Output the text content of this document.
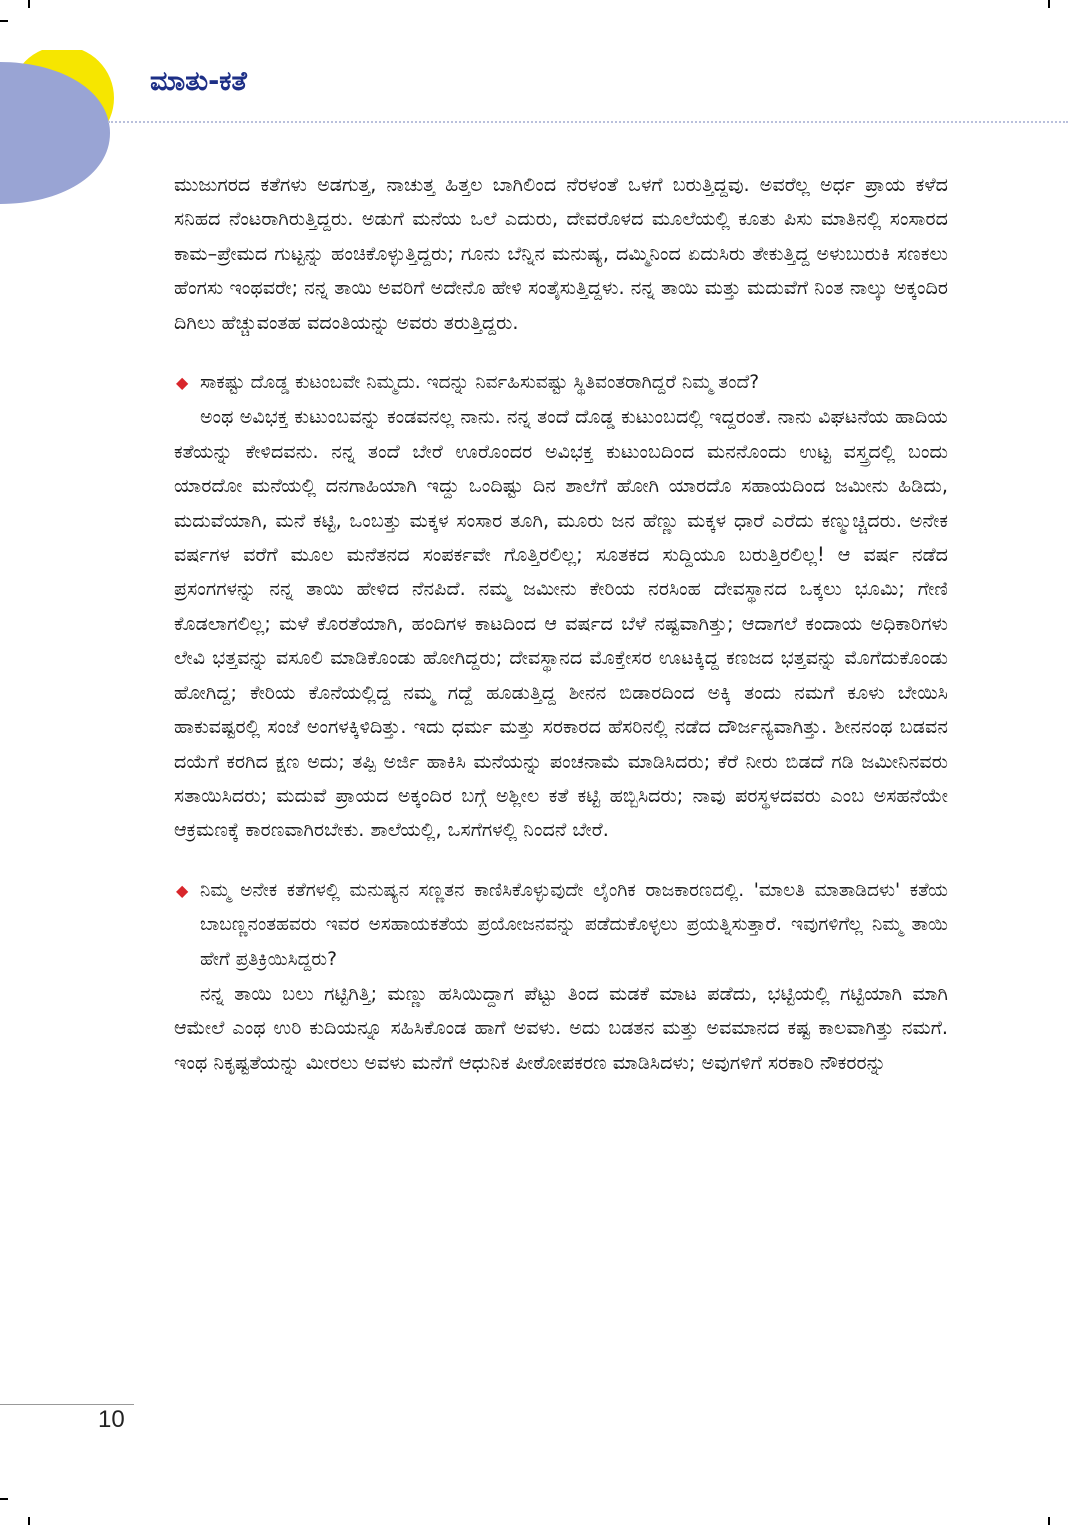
ಮಾತು-ಕತೆ

ಮುಜುಗರದ ಕತೆಗಳು ಅಡಗುತ್ತ, ನಾಚುತ್ತ ಹಿತ್ತಲ ಬಾಗಿಲಿಂದ ನೆರಳಂತೆ ಒಳಗೆ ಬರುತ್ತಿದ್ದವು. ಅವರೆಲ್ಲ ಅರ್ಧ ಪ್ರಾಯ ಕಳೆದ ಸನಿಹದ ನೆಂಟರಾಗಿರುತ್ತಿದ್ದರು. ಅಡುಗೆ ಮನೆಯ ಒಲೆ ಎದುರು, ದೇವರೊಳದ ಮೂಲೆಯಲ್ಲಿ ಕೂತು ಪಿಸು ಮಾತಿನಲ್ಲಿ ಸಂಸಾರದ ಕಾಮ–ಪ್ರೇಮದ ಗುಟ್ಟನ್ನು ಹಂಚಿಕೊಳ್ಳುತ್ತಿದ್ದರು; ಗೂನು ಬೆನ್ನಿನ ಮನುಷ್ಯ, ದಮ್ಮಿನಿಂದ ಏದುಸಿರು ತೇಕುತ್ತಿದ್ದ ಅಳುಬುರುಕಿ ಸಣಕಲು ಹೆಂಗಸು ಇಂಥವರೇ; ನನ್ನ ತಾಯಿ ಅವರಿಗೆ ಅದೇನೊ ಹೇಳಿ ಸಂತೈಸುತ್ತಿದ್ದಳು. ನನ್ನ ತಾಯಿ ಮತ್ತು ಮದುವೆಗೆ ನಿಂತ ನಾಲ್ಕು ಅಕ್ಕಂದಿರ ದಿಗಿಲು ಹೆಚ್ಚುವಂತಹ ವದಂತಿಯನ್ನು ಅವರು ತರುತ್ತಿದ್ದರು.

◆ ಸಾಕಷ್ಟು ದೊಡ್ಡ ಕುಟಂಬವೇ ನಿಮ್ಮದು. ಇದನ್ನು ನಿರ್ವಹಿಸುವಷ್ಟು ಸ್ಥಿತಿವಂತರಾಗಿದ್ದರೆ ನಿಮ್ಮ ತಂದೆ?

ಅಂಥ ಅವಿಭಕ್ತ ಕುಟುಂಬವನ್ನು ಕಂಡವನಲ್ಲ ನಾನು. ನನ್ನ ತಂದೆ ದೊಡ್ಡ ಕುಟುಂಬದಲ್ಲಿ ಇದ್ದರಂತೆ. ನಾನು ವಿಘಟನೆಯ ಹಾದಿಯ ಕತೆಯನ್ನು ಕೇಳಿದವನು. ನನ್ನ ತಂದೆ ಬೇರೆ ಊರೊಂದರ ಅವಿಭಕ್ತ ಕುಟುಂಬದಿಂದ ಮನನೊಂದು ಉಟ್ಟ ವಸ್ತ್ರದಲ್ಲಿ ಬಂದು ಯಾರದೋ ಮನೆಯಲ್ಲಿ ದನಗಾಹಿಯಾಗಿ ಇದ್ದು ಒಂದಿಷ್ಟು ದಿನ ಶಾಲೆಗೆ ಹೋಗಿ ಯಾರದೊ ಸಹಾಯದಿಂದ ಜಮೀನು ಹಿಡಿದು, ಮದುವೆಯಾಗಿ, ಮನೆ ಕಟ್ಟಿ, ಒಂಬತ್ತು ಮಕ್ಕಳ ಸಂಸಾರ ತೂಗಿ, ಮೂರು ಜನ ಹೆಣ್ಣು ಮಕ್ಕಳ ಧಾರೆ ಎರೆದು ಕಣ್ಮುಚ್ಚಿದರು. ಅನೇಕ ವರ್ಷಗಳ ವರೆಗೆ ಮೂಲ ಮನೆತನದ ಸಂಪರ್ಕವೇ ಗೊತ್ತಿರಲಿಲ್ಲ; ಸೂತಕದ ಸುದ್ದಿಯೂ ಬರುತ್ತಿರಲಿಲ್ಲ! ಆ ವರ್ಷ ನಡೆದ ಪ್ರಸಂಗಗಳನ್ನು ನನ್ನ ತಾಯಿ ಹೇಳಿದ ನೆನಪಿದೆ. ನಮ್ಮ ಜಮೀನು ಕೇರಿಯ ನರಸಿಂಹ ದೇವಸ್ಥಾನದ ಒಕ್ಕಲು ಭೂಮಿ; ಗೇಣಿ ಕೊಡಲಾಗಲಿಲ್ಲ; ಮಳೆ ಕೊರತೆಯಾಗಿ, ಹಂದಿಗಳ ಕಾಟದಿಂದ ಆ ವರ್ಷದ ಬೆಳೆ ನಷ್ಟವಾಗಿತ್ತು; ಆದಾಗಲೆ ಕಂದಾಯ ಅಧಿಕಾರಿಗಳು ಲೇವಿ ಭತ್ತವನ್ನು ವಸೂಲಿ ಮಾಡಿಕೊಂಡು ಹೋಗಿದ್ದರು; ದೇವಸ್ಥಾನದ ಮೊಕ್ತೇಸರ ಊಟಕ್ಕಿದ್ದ ಕಣಜದ ಭತ್ತವನ್ನು ಮೊಗೆದುಕೊಂಡು ಹೋಗಿದ್ದ; ಕೇರಿಯ ಕೊನೆಯಲ್ಲಿದ್ದ ನಮ್ಮ ಗದ್ದೆ ಹೂಡುತ್ತಿದ್ದ ಶೀನನ ಬಿಡಾರದಿಂದ ಅಕ್ಕಿ ತಂದು ನಮಗೆ ಕೂಳು ಬೇಯಿಸಿ ಹಾಕುವಷ್ಟರಲ್ಲಿ ಸಂಜೆ ಅಂಗಳಕ್ಕಿಳಿದಿತ್ತು. ಇದು ಧರ್ಮ ಮತ್ತು ಸರಕಾರದ ಹೆಸರಿನಲ್ಲಿ ನಡೆದ ದೌರ್ಜನ್ಯವಾಗಿತ್ತು. ಶೀನನಂಥ ಬಡವನ ದಯೆಗೆ ಕರಗಿದ ಕ್ಷಣ ಅದು; ತಪ್ಪಿ ಅರ್ಜಿ ಹಾಕಿಸಿ ಮನೆಯನ್ನು ಪಂಚನಾಮೆ ಮಾಡಿಸಿದರು; ಕೆರೆ ನೀರು ಬಿಡದೆ ಗಡಿ ಜಮೀನಿನವರು ಸತಾಯಿಸಿದರು; ಮದುವೆ ಪ್ರಾಯದ ಅಕ್ಕಂದಿರ ಬಗ್ಗೆ ಅಶ್ಲೀಲ ಕತೆ ಕಟ್ಟಿ ಹಬ್ಬಿಸಿದರು; ನಾವು ಪರಸ್ಥಳದವರು ಎಂಬ ಅಸಹನೆಯೇ ಆಕ್ರಮಣಕ್ಕೆ ಕಾರಣವಾಗಿರಬೇಕು. ಶಾಲೆಯಲ್ಲಿ, ಒಸಗೆಗಳಲ್ಲಿ ನಿಂದನೆ ಬೇರೆ.

◆ ನಿಮ್ಮ ಅನೇಕ ಕತೆಗಳಲ್ಲಿ ಮನುಷ್ಯನ ಸಣ್ಣತನ ಕಾಣಿಸಿಕೊಳ್ಳುವುದೇ ಲೈಂಗಿಕ ರಾಜಕಾರಣದಲ್ಲಿ. 'ಮಾಲತಿ ಮಾತಾಡಿದಳು' ಕತೆಯ ಬಾಬಣ್ಣನಂತಹವರು ಇವರ ಅಸಹಾಯಕತೆಯ ಪ್ರಯೋಜನವನ್ನು ಪಡೆದುಕೊಳ್ಳಲು ಪ್ರಯತ್ನಿಸುತ್ತಾರೆ. ಇವುಗಳಿಗೆಲ್ಲ ನಿಮ್ಮ ತಾಯಿ ಹೇಗೆ ಪ್ರತಿಕ್ರಿಯಿಸಿದ್ದರು?

ನನ್ನ ತಾಯಿ ಬಲು ಗಟ್ಟಿಗಿತ್ತಿ; ಮಣ್ಣು ಹಸಿಯಿದ್ದಾಗ ಪೆಟ್ಟು ತಿಂದ ಮಡಕೆ ಮಾಟ ಪಡೆದು, ಭಟ್ಟಿಯಲ್ಲಿ ಗಟ್ಟಿಯಾಗಿ ಮಾಗಿ ಆಮೇಲೆ ಎಂಥ ಉರಿ ಕುದಿಯನ್ನೂ ಸಹಿಸಿಕೊಂಡ ಹಾಗೆ ಅವಳು. ಅದು ಬಡತನ ಮತ್ತು ಅವಮಾನದ ಕಷ್ಟ ಕಾಲವಾಗಿತ್ತು ನಮಗೆ. ಇಂಥ ನಿಕೃಷ್ಟತೆಯನ್ನು ಮೀರಲು ಅವಳು ಮನೆಗೆ ಆಧುನಿಕ ಪೀಠೋಪಕರಣ ಮಾಡಿಸಿದಳು; ಅವುಗಳಿಗೆ ಸರಕಾರಿ ನೌಕರರನ್ನು

10
